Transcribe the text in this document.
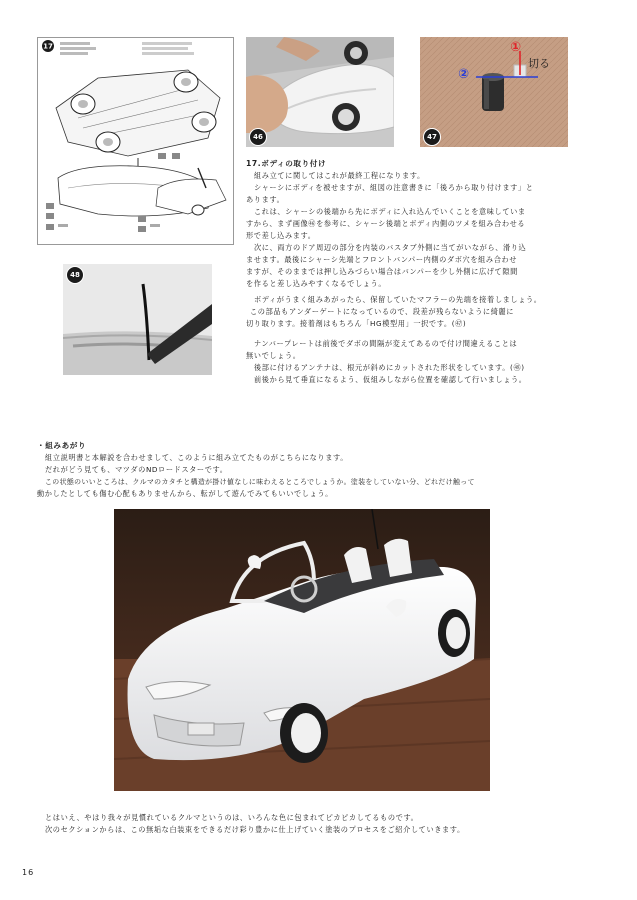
17
46
①
②
切る
47
48
17.ボディの取り付け
組み立てに関してはこれが最終工程になります。
シャーシにボディを被せますが、組図の注意書きに「後ろから取り付けます」と
あります。
これは、シャーシの後端から先にボディに入れ込んでいくことを意味していま
すから、まず画像㊻を参考に、シャーシ後端とボディ内側のツメを組み合わせる
形で差し込みます。
次に、両方のドア周辺の部分を内装のバスタブ外側に当てがいながら、滑り込
ませます。最後にシャーシ先端とフロントバンパー内側のダボ穴を組み合わせ
ますが、そのままでは押し込みづらい場合はバンパーを少し外側に広げて隙間
を作ると差し込みやすくなるでしょう。
ボディがうまく組みあがったら、保留していたマフラーの先端を接着しましょう。
この部品もアンダーゲートになっているので、段差が残らないように綺麗に
切り取ります。接着剤はもちろん「HG模型用」一択です。(㊼)
ナンバープレートは前後でダボの間隔が変えてあるので付け間違えることは
無いでしょう。
後部に付けるアンテナは、根元が斜めにカットされた形状をしています。(㊽)
前後から見て垂直になるよう、仮組みしながら位置を確認して行いましょう。
・組みあがり
組立説明書と本解説を合わせまして、このように組み立てたものがこちらになります。
だれがどう見ても、マツダのNDロードスターです。
この状態のいいところは、クルマのカタチと構造が掛け値なしに味わえるところでしょうか。塗装をしていない分、どれだけ触って
動かしたとしても傷む心配もありませんから、転がして遊んでみてもいいでしょう。
とはいえ、やはり我々が見慣れているクルマというのは、いろんな色に包まれてピカピカしてるものです。
次のセクションからは、この無垢な白装束をできるだけ彩り豊かに仕上げていく塗装のプロセスをご紹介していきます。
16
